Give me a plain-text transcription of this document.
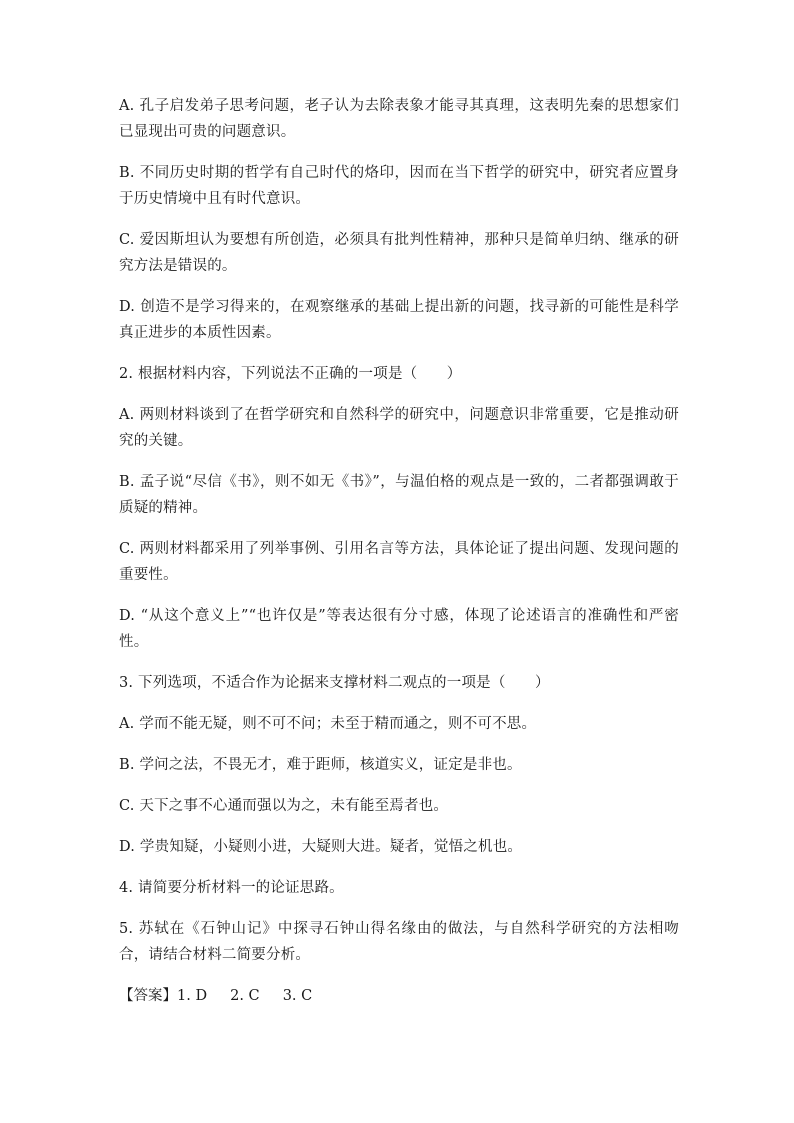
A. 孔子启发弟子思考问题，老子认为去除表象才能寻其真理，这表明先秦的思想家们已显现出可贵的问题意识。

B. 不同历史时期的哲学有自己时代的烙印，因而在当下哲学的研究中，研究者应置身于历史情境中且有时代意识。

C. 爱因斯坦认为要想有所创造，必须具有批判性精神，那种只是简单归纳、继承的研究方法是错误的。

D. 创造不是学习得来的，在观察继承的基础上提出新的问题，找寻新的可能性是科学真正进步的本质性因素。

2. 根据材料内容，下列说法不正确的一项是（　　）

A. 两则材料谈到了在哲学研究和自然科学的研究中，问题意识非常重要，它是推动研究的关键。

B. 孟子说“尽信《书》，则不如无《书》”，与温伯格的观点是一致的，二者都强调敢于质疑的精神。

C. 两则材料都采用了列举事例、引用名言等方法，具体论证了提出问题、发现问题的重要性。

D. “从这个意义上”“也许仅是”等表达很有分寸感，体现了论述语言的准确性和严密性。

3. 下列选项，不适合作为论据来支撑材料二观点的一项是（　　）

A. 学而不能无疑，则不可不问；未至于精而通之，则不可不思。

B. 学问之法，不畏无才，难于距师，核道实义，证定是非也。

C. 天下之事不心通而强以为之，未有能至焉者也。

D. 学贵知疑，小疑则小进，大疑则大进。疑者，觉悟之机也。

4. 请简要分析材料一的论证思路。

5. 苏轼在《石钟山记》中探寻石钟山得名缘由的做法，与自然科学研究的方法相吻合，请结合材料二简要分析。

【答案】1. D     2. C     3. C
